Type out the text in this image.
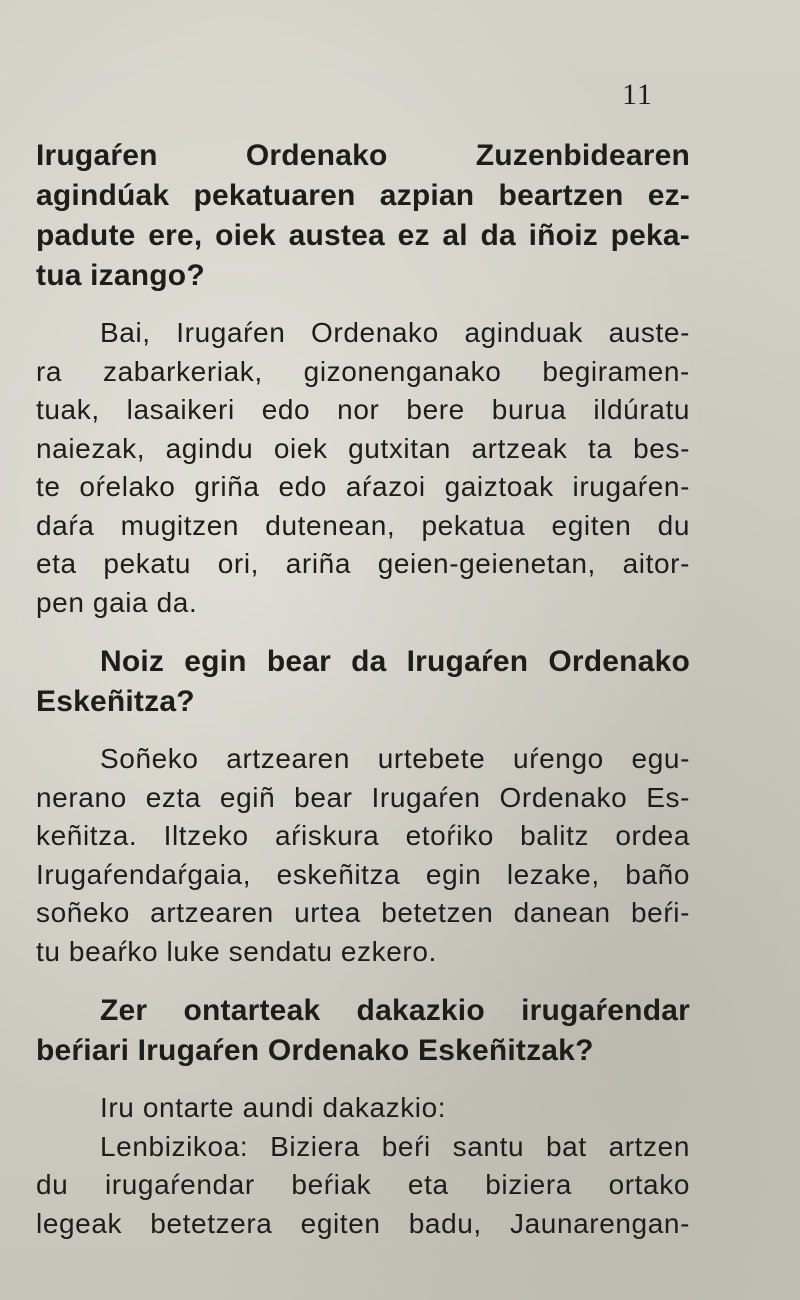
11
Irugaŕen Ordenako Zuzenbidearen
agindúak pekatuaren azpian beartzen ez-
padute ere, oiek austea ez al da iñoiz peka-
tua izango?
Bai, Irugaŕen Ordenako aginduak auste-
ra zabarkeriak, gizonenganako begiramen-
tuak, lasaikeri edo nor bere burua ildúratu
naiezak, agindu oiek gutxitan artzeak ta bes-
te oŕelako griña edo aŕazoi gaiztoak irugaŕen-
daŕa mugitzen dutenean, pekatua egiten du
eta pekatu ori, ariña geien-geienetan, aitor-
pen gaia da.
Noiz egin bear da Irugaŕen Ordenako
Eskeñitza?
Soñeko artzearen urtebete uŕengo egu-
nerano ezta egiñ bear Irugaŕen Ordenako Es-
keñitza. Iltzeko aŕiskura etoŕiko balitz ordea
Irugaŕendaŕgaia, eskeñitza egin lezake, baño
soñeko artzearen urtea betetzen danean beŕi-
tu beaŕko luke sendatu ezkero.
Zer ontarteak dakazkio irugaŕendar
beŕiari Irugaŕen Ordenako Eskeñitzak?
Iru ontarte aundi dakazkio:
Lenbizikoa: Biziera beŕi santu bat artzen
du irugaŕendar beŕiak eta biziera ortako
legeak betetzera egiten badu, Jaunarengan-
